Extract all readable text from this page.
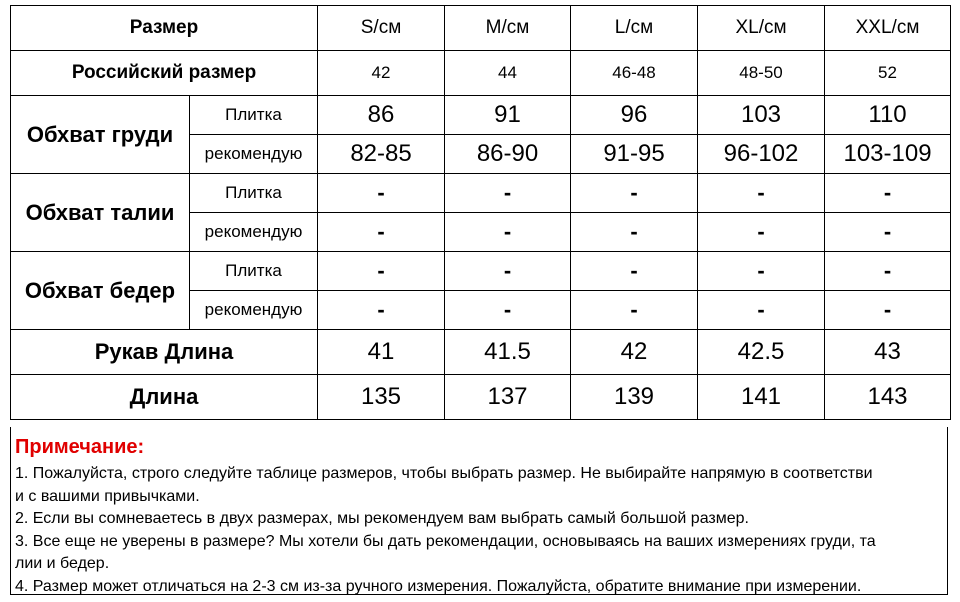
Размер		S/см	M/см	L/см	XL/см	XXL/см
Российский размер		42	44	46-48	48-50	52
Обхват груди	Плитка	86	91	96	103	110
	рекомендую	82-85	86-90	91-95	96-102	103-109
Обхват талии	Плитка	-	-	-	-	-
	рекомендую	-	-	-	-	-
Обхват бедер	Плитка	-	-	-	-	-
	рекомендую	-	-	-	-	-
Рукав Длина		41	41.5	42	42.5	43
Длина		135	137	139	141	143

Примечание:

1. Пожалуйста, строго следуйте таблице размеров, чтобы выбрать размер. Не выбирайте напрямую в соответстви

и с вашими привычками.

2. Если вы сомневаетесь в двух размерах, мы рекомендуем вам выбрать самый большой размер.

3. Все еще не уверены в размере? Мы хотели бы дать рекомендации, основываясь на ваших измерениях груди, та

лии и бедер.

4. Размер может отличаться на 2-3 см из-за ручного измерения. Пожалуйста, обратите внимание при измерении.
